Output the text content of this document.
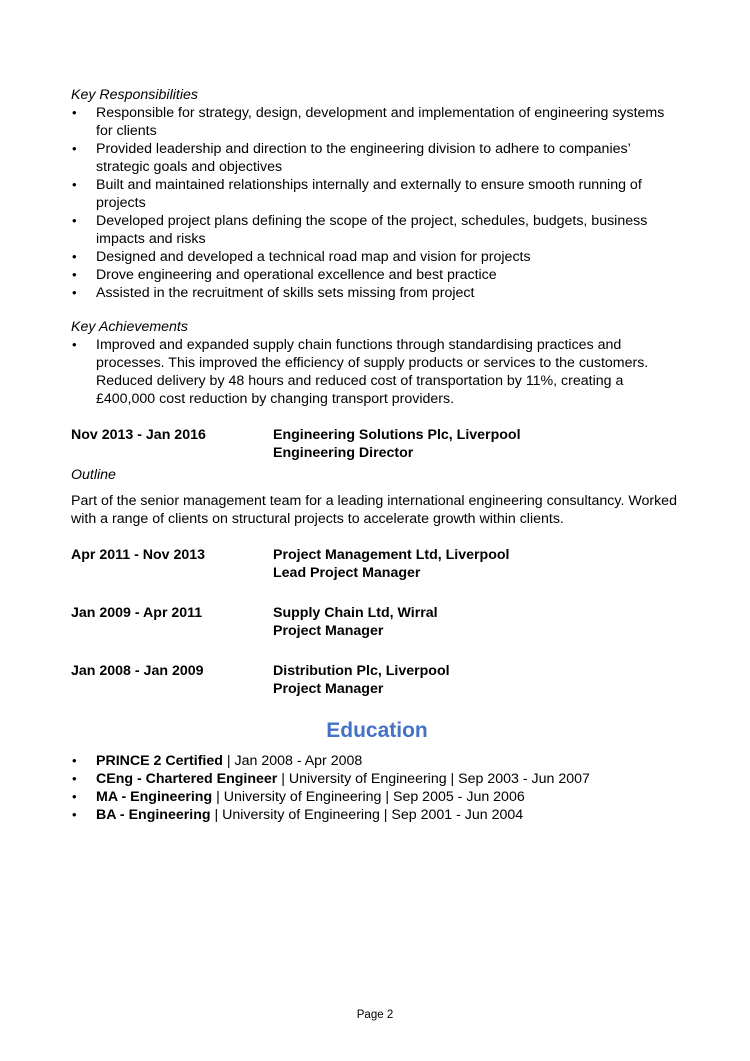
Key Responsibilities

• Responsible for strategy, design, development and implementation of engineering systems for clients
• Provided leadership and direction to the engineering division to adhere to companies’ strategic goals and objectives
• Built and maintained relationships internally and externally to ensure smooth running of projects
• Developed project plans defining the scope of the project, schedules, budgets, business impacts and risks
• Designed and developed a technical road map and vision for projects
• Drove engineering and operational excellence and best practice
• Assisted in the recruitment of skills sets missing from project

Key Achievements

• Improved and expanded supply chain functions through standardising practices and processes. This improved the efficiency of supply products or services to the customers. Reduced delivery by 48 hours and reduced cost of transportation by 11%, creating a £400,000 cost reduction by changing transport providers.
Nov 2013 - Jan 2016	Engineering Solutions Plc, Liverpool
Engineering Director
Outline
Part of the senior management team for a leading international engineering consultancy. Worked with a range of clients on structural projects to accelerate growth within clients.
Apr 2011 - Nov 2013	Project Management Ltd, Liverpool
Lead Project Manager
Jan 2009 - Apr 2011	Supply Chain Ltd, Wirral
Project Manager
Jan 2008 - Jan 2009	Distribution Plc, Liverpool
Project Manager
Education
• PRINCE 2 Certified | Jan 2008 - Apr 2008
• CEng - Chartered Engineer | University of Engineering | Sep 2003 - Jun 2007
• MA - Engineering | University of Engineering | Sep 2005 - Jun 2006
• BA - Engineering | University of Engineering | Sep 2001 - Jun 2004
Page 2
